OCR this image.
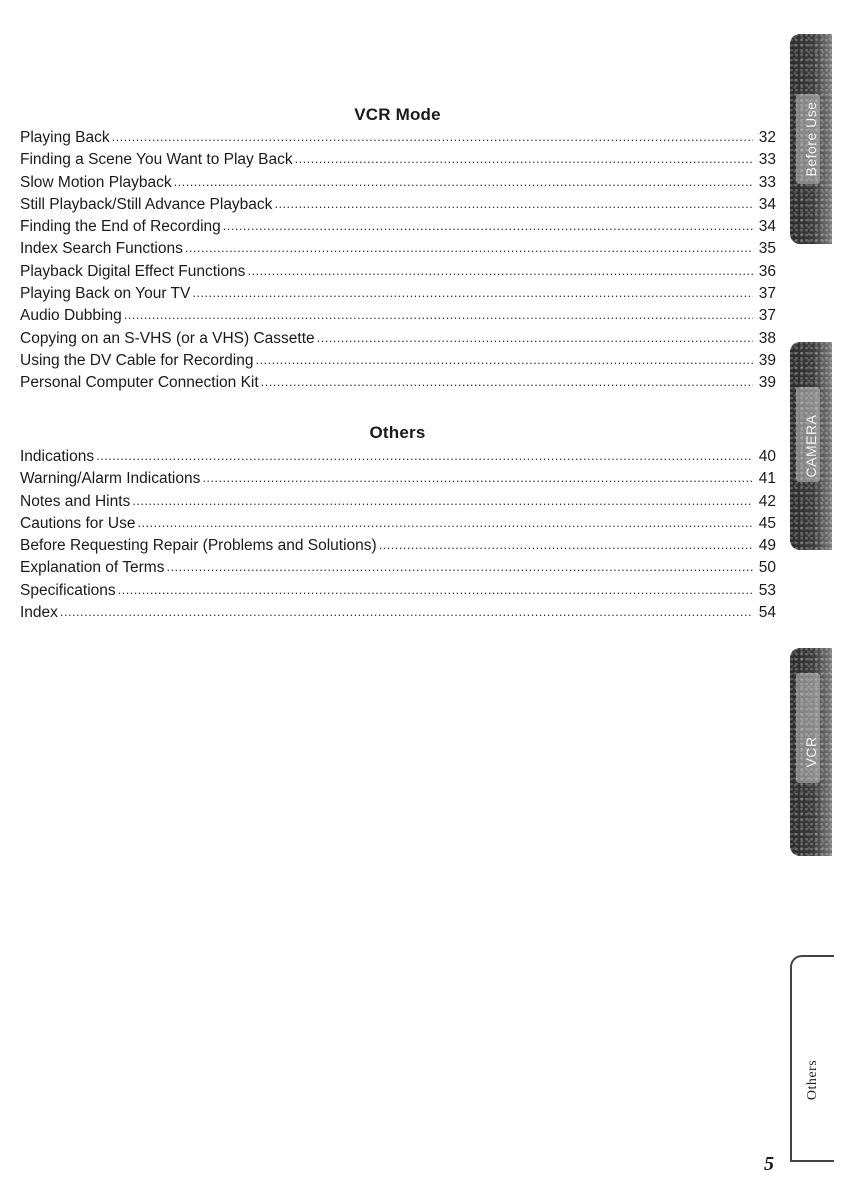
VCR Mode
Playing Back . . .	32
Finding a Scene You Want to Play Back . . .	33
Slow Motion Playback . . .	33
Still Playback/Still Advance Playback . . .	34
Finding the End of Recording . . .	34
Index Search Functions . . .	35
Playback Digital Effect Functions . . .	36
Playing Back on Your TV . . .	37
Audio Dubbing . . .	37
Copying on an S-VHS (or a VHS) Cassette . . .	38
Using the DV Cable for Recording . . .	39
Personal Computer Connection Kit . . .	39
Others
Indications . . .	40
Warning/Alarm Indications . . .	41
Notes and Hints . . .	42
Cautions for Use . . .	45
Before Requesting Repair (Problems and Solutions) . . .	49
Explanation of Terms . . .	50
Specifications . . .	53
Index . . .	54
Before Use
CAMERA
VCR
Others
5
